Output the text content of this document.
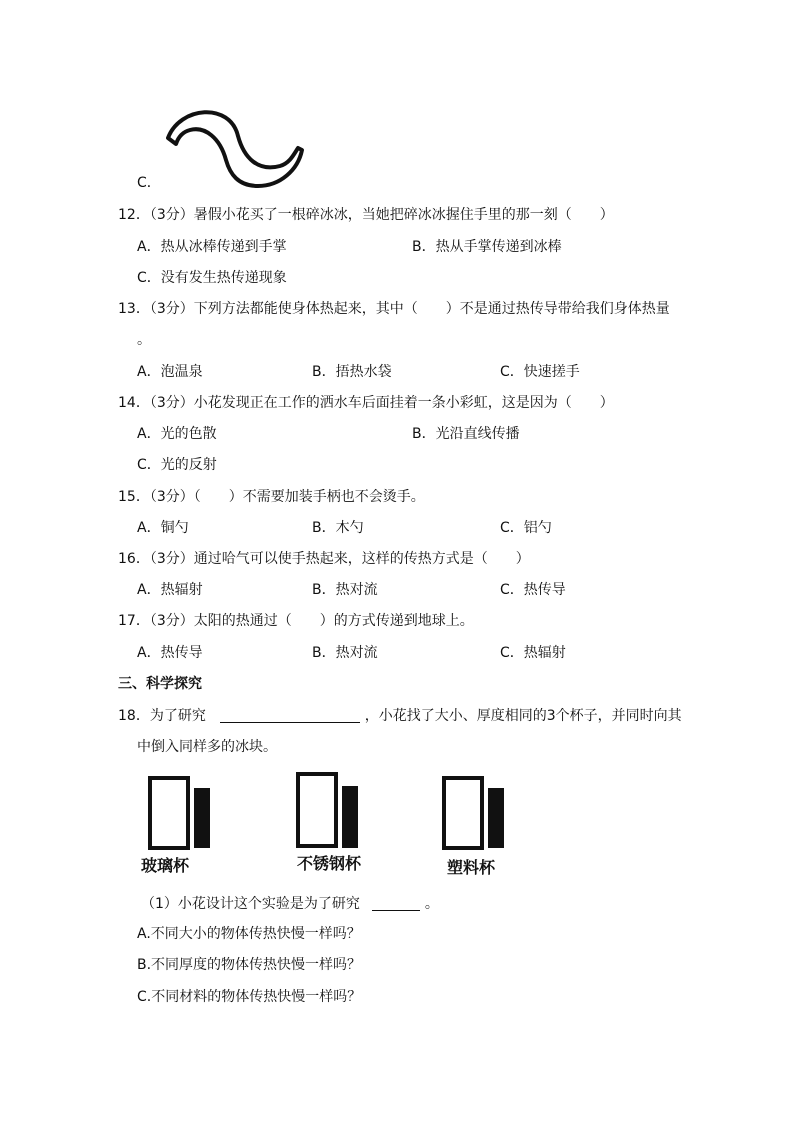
C．
12．（3分）暑假小花买了一根碎冰冰，当她把碎冰冰握住手里的那一刻（　　）
A．热从冰棒传递到手掌	B．热从手掌传递到冰棒
C．没有发生热传递现象
13．（3分）下列方法都能使身体热起来，其中（　　）不是通过热传导带给我们身体热量
。
A．泡温泉	B．捂热水袋	C．快速搓手
14．（3分）小花发现正在工作的洒水车后面挂着一条小彩虹，这是因为（　　）
A．光的色散	B．光沿直线传播
C．光的反射
15．（3分）（　　）不需要加装手柄也不会烫手。
A．铜勺	B．木勺	C．铝勺
16．（3分）通过哈气可以使手热起来，这样的传热方式是（　　）
A．热辐射	B．热对流	C．热传导
17．（3分）太阳的热通过（　　）的方式传递到地球上。
A．热传导	B．热对流	C．热辐射
三、科学探究
18．为了研究	，小花找了大小、厚度相同的3个杯子，并同时向其
中倒入同样多的冰块。
玻璃杯	不锈钢杯	塑料杯
（1）小花设计这个实验是为了研究	。
A.不同大小的物体传热快慢一样吗？
B.不同厚度的物体传热快慢一样吗？
C.不同材料的物体传热快慢一样吗？
